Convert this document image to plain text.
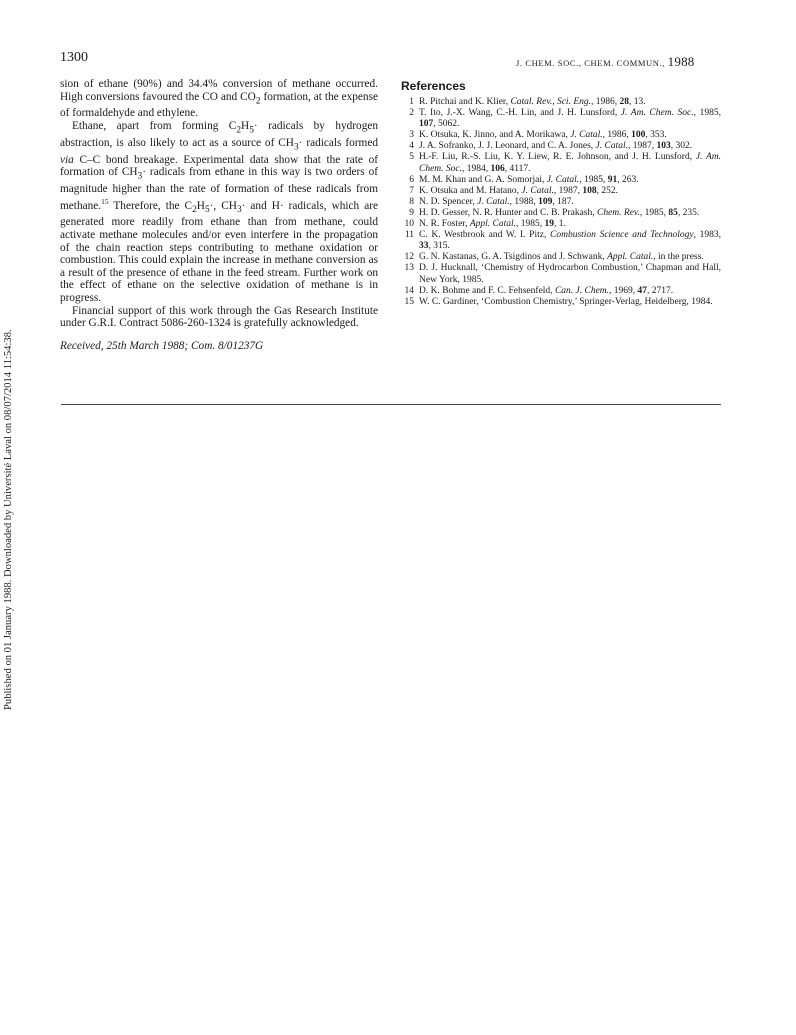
Published on 01 January 1988. Downloaded by Université Laval on 08/07/2014 11:54:38.
1300	J. CHEM. SOC., CHEM. COMMUN., 1988

sion of ethane (90%) and 34.4% conversion of methane occurred. High conversions favoured the CO and $CO_2$ formation, at the expense of formaldehyde and ethylene.

Ethane, apart from forming $C_2H_5\cdot$ radicals by hydrogen abstraction, is also likely to act as a source of $CH_3\cdot$ radicals formed via C–C bond breakage. Experimental data show that the rate of formation of $CH_3\cdot$ radicals from ethane in this way is two orders of magnitude higher than the rate of formation of these radicals from methane.$^{15}$ Therefore, the $C_2H_5\cdot$, $CH_3\cdot$ and H· radicals, which are generated more readily from ethane than from methane, could activate methane molecules and/or even interfere in the propagation of the chain reaction steps contributing to methane oxidation or combustion. This could explain the increase in methane conversion as a result of the presence of ethane in the feed stream. Further work on the effect of ethane on the selective oxidation of methane is in progress.

Financial support of this work through the Gas Research Institute under G.R.I. Contract 5086-260-1324 is gratefully acknowledged.

Received, 25th March 1988; Com. 8/01237G

References
1 R. Pitchai and K. Klier, Catal. Rev., Sci. Eng., 1986, 28, 13.
2 T. Ito, J.-X. Wang, C.-H. Lin, and J. H. Lunsford, J. Am. Chem. Soc., 1985, 107, 5062.
3 K. Otsuka, K. Jinno, and A. Morikawa, J. Catal., 1986, 100, 353.
4 J. A. Sofranko, J. J. Leonard, and C. A. Jones, J. Catal., 1987, 103, 302.
5 H.-F. Liu, R.-S. Liu, K. Y. Liew, R. E. Johnson, and J. H. Lunsford, J. Am. Chem. Soc., 1984, 106, 4117.
6 M. M. Khan and G. A. Somorjai, J. Catal., 1985, 91, 263.
7 K. Otsuka and M. Hatano, J. Catal., 1987, 108, 252.
8 N. D. Spencer, J. Catal., 1988, 109, 187.
9 H. D. Gesser, N. R. Hunter and C. B. Prakash, Chem. Rev., 1985, 85, 235.
10 N. R. Foster, Appl. Catal., 1985, 19, 1.
11 C. K. Westbrook and W. I. Pitz, Combustion Science and Technology, 1983, 33, 315.
12 G. N. Kastanas, G. A. Tsigdinos and J. Schwank, Appl. Catal., in the press.
13 D. J. Hucknall, ‘Chemistry of Hydrocarbon Combustion,’ Chapman and Hall, New York, 1985.
14 D. K. Bohme and F. C. Fehsenfeld, Can. J. Chem., 1969, 47, 2717.
15 W. C. Gardiner, ‘Combustion Chemistry,’ Springer-Verlag, Heidelberg, 1984.
